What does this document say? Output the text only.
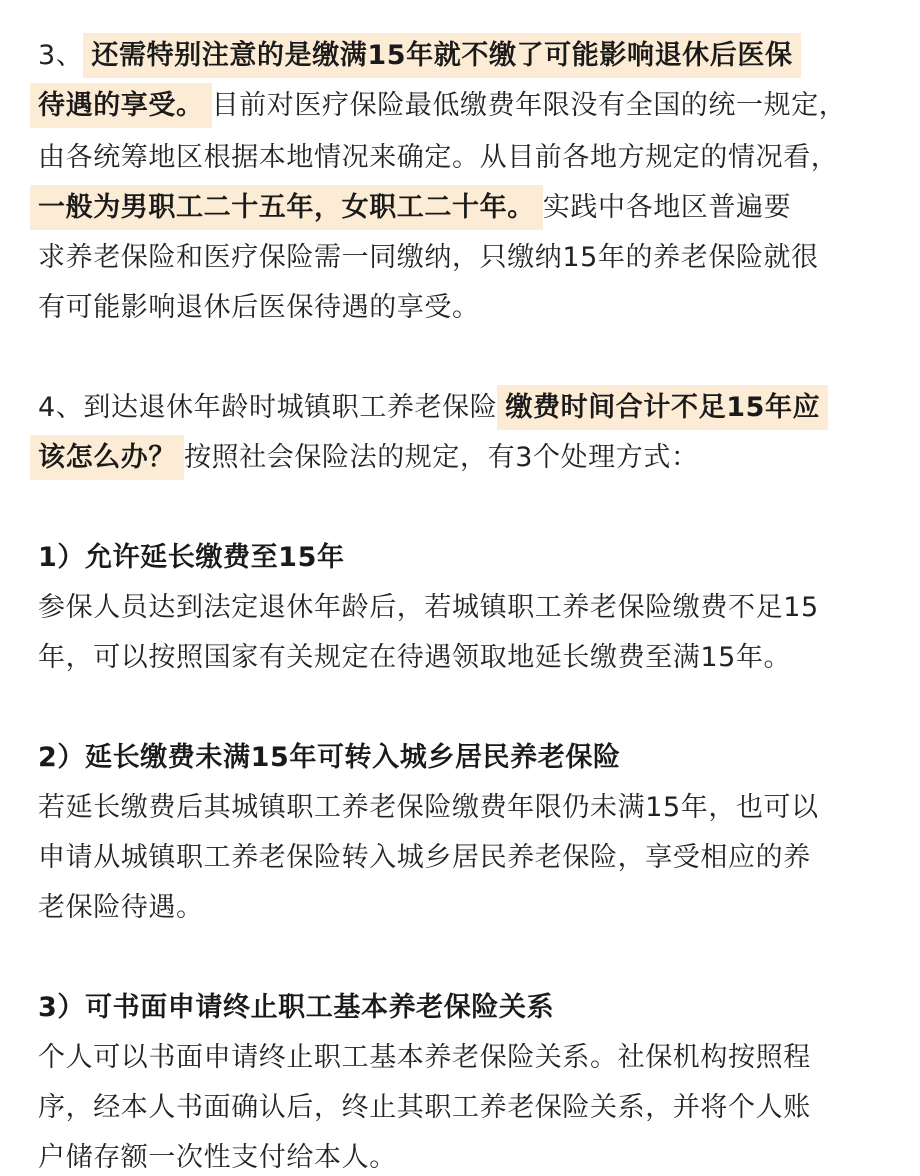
3、 还需特别注意的是缴满15年就不缴了可能影响退休后医保
待遇的享受。 目前对医疗保险最低缴费年限没有全国的统一规定，
由各统筹地区根据本地情况来确定。从目前各地方规定的情况看，
一般为男职工二十五年，女职工二十年。 实践中各地区普遍要
求养老保险和医疗保险需一同缴纳，只缴纳15年的养老保险就很
有可能影响退休后医保待遇的享受。
4、到达退休年龄时城镇职工养老保险 缴费时间合计不足15年应
该怎么办？ 按照社会保险法的规定，有3个处理方式：
1）允许延长缴费至15年
参保人员达到法定退休年龄后，若城镇职工养老保险缴费不足15
年，可以按照国家有关规定在待遇领取地延长缴费至满15年。
2）延长缴费未满15年可转入城乡居民养老保险
若延长缴费后其城镇职工养老保险缴费年限仍未满15年，也可以
申请从城镇职工养老保险转入城乡居民养老保险，享受相应的养
老保险待遇。
3）可书面申请终止职工基本养老保险关系
个人可以书面申请终止职工基本养老保险关系。社保机构按照程
序，经本人书面确认后，终止其职工养老保险关系，并将个人账
户储存额一次性支付给本人。
